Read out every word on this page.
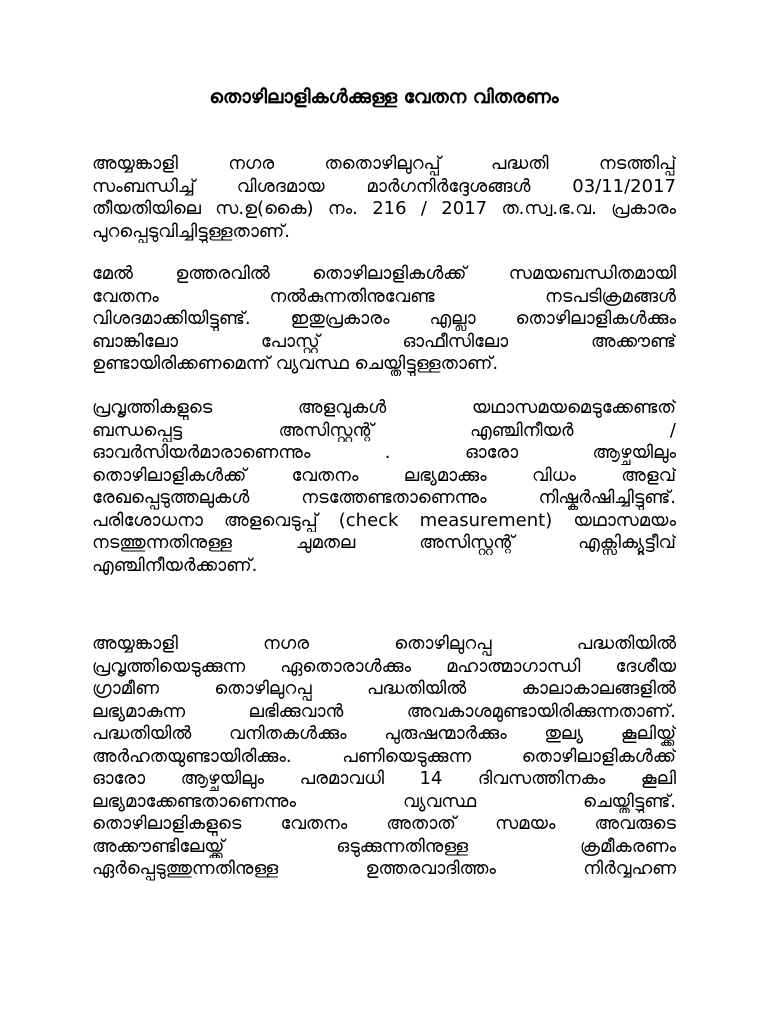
തൊഴിലാളികൾക്കുള്ള വേതന വിതരണം
അയ്യങ്കാളി നഗര തതൊഴിലുറപ്പ് പദ്ധതി നടത്തിപ്പ്
സംബന്ധിച്ച് വിശദമായ മാർഗനിർദ്ദേശങ്ങൾ 03/11/2017
തീയതിയിലെ സ.ഉ(കൈ) നം. 216 / 2017 ത.സ്വ.ഭ.വ. പ്രകാരം
പുറപ്പെടുവിച്ചിട്ടുള്ളതാണ്.
മേൽ ഉത്തരവിൽ തൊഴിലാളികൾക്ക് സമയബന്ധിതമായി
വേതനം നൽകുന്നതിനുവേണ്ട നടപടിക്രമങ്ങൾ
വിശദമാക്കിയിട്ടുണ്ട്. ഇതുപ്രകാരം എല്ലാ തൊഴിലാളികൾക്കും
ബാങ്കിലോ പോസ്റ്റ് ഓഫീസിലോ അക്കൗണ്ട്
ഉണ്ടായിരിക്കണമെന്ന് വ്യവസ്ഥ ചെയ്തിട്ടുള്ളതാണ്.
പ്രവൃത്തികളുടെ അളവുകൾ യഥാസമയമെടുക്കേണ്ടത്
ബന്ധപ്പെട്ട അസിസ്റ്റന്റ് എഞ്ചിനീയർ /
ഓവർസിയർമാരാണെന്നും . ഓരോ ആഴ്ചയിലും
തൊഴിലാളികൾക്ക് വേതനം ലഭ്യമാക്കും വിധം അളവ്
രേഖപ്പെടുത്തലുകൾ നടത്തേണ്ടതാണെന്നും നിഷ്കർഷിച്ചിട്ടുണ്ട്.
പരിശോധനാ അളവെടുപ്പ് (check measurement) യഥാസമയം
നടത്തുന്നതിനുള്ള ചുമതല അസിസ്റ്റന്റ് എക്സിക്യൂട്ടീവ്
എഞ്ചിനീയർക്കാണ്.
അയ്യങ്കാളി നഗര തൊഴിലുറപ്പു പദ്ധതിയിൽ
പ്രവൃത്തിയെടുക്കുന്ന ഏതൊരാൾക്കും മഹാത്മാഗാന്ധി ദേശീയ
ഗ്രാമീണ തൊഴിലുറപ്പു പദ്ധതിയിൽ കാലാകാലങ്ങളിൽ
ലഭ്യമാകുന്ന ലഭിക്കുവാൻ അവകാശമുണ്ടായിരിക്കുന്നതാണ്.
പദ്ധതിയിൽ വനിതകൾക്കും പുരുഷന്മാർക്കും തുല്യ കൂലിയ്ക്ക്
അർഹതയുണ്ടായിരിക്കും. പണിയെടുക്കുന്ന തൊഴിലാളികൾക്ക്
ഓരോ ആഴ്ചയിലും പരമാവധി 14 ദിവസത്തിനകം കൂലി
ലഭ്യമാക്കേണ്ടതാണെന്നും വ്യവസ്ഥ ചെയ്തിട്ടുണ്ട്.
തൊഴിലാളികളുടെ വേതനം അതാത് സമയം അവരുടെ
അക്കൗണ്ടിലേയ്ക്ക് ഒടുക്കുന്നതിനുള്ള ക്രമീകരണം
ഏർപ്പെടുത്തുന്നതിനുള്ള ഉത്തരവാദിത്തം നിർവ്വഹണ
